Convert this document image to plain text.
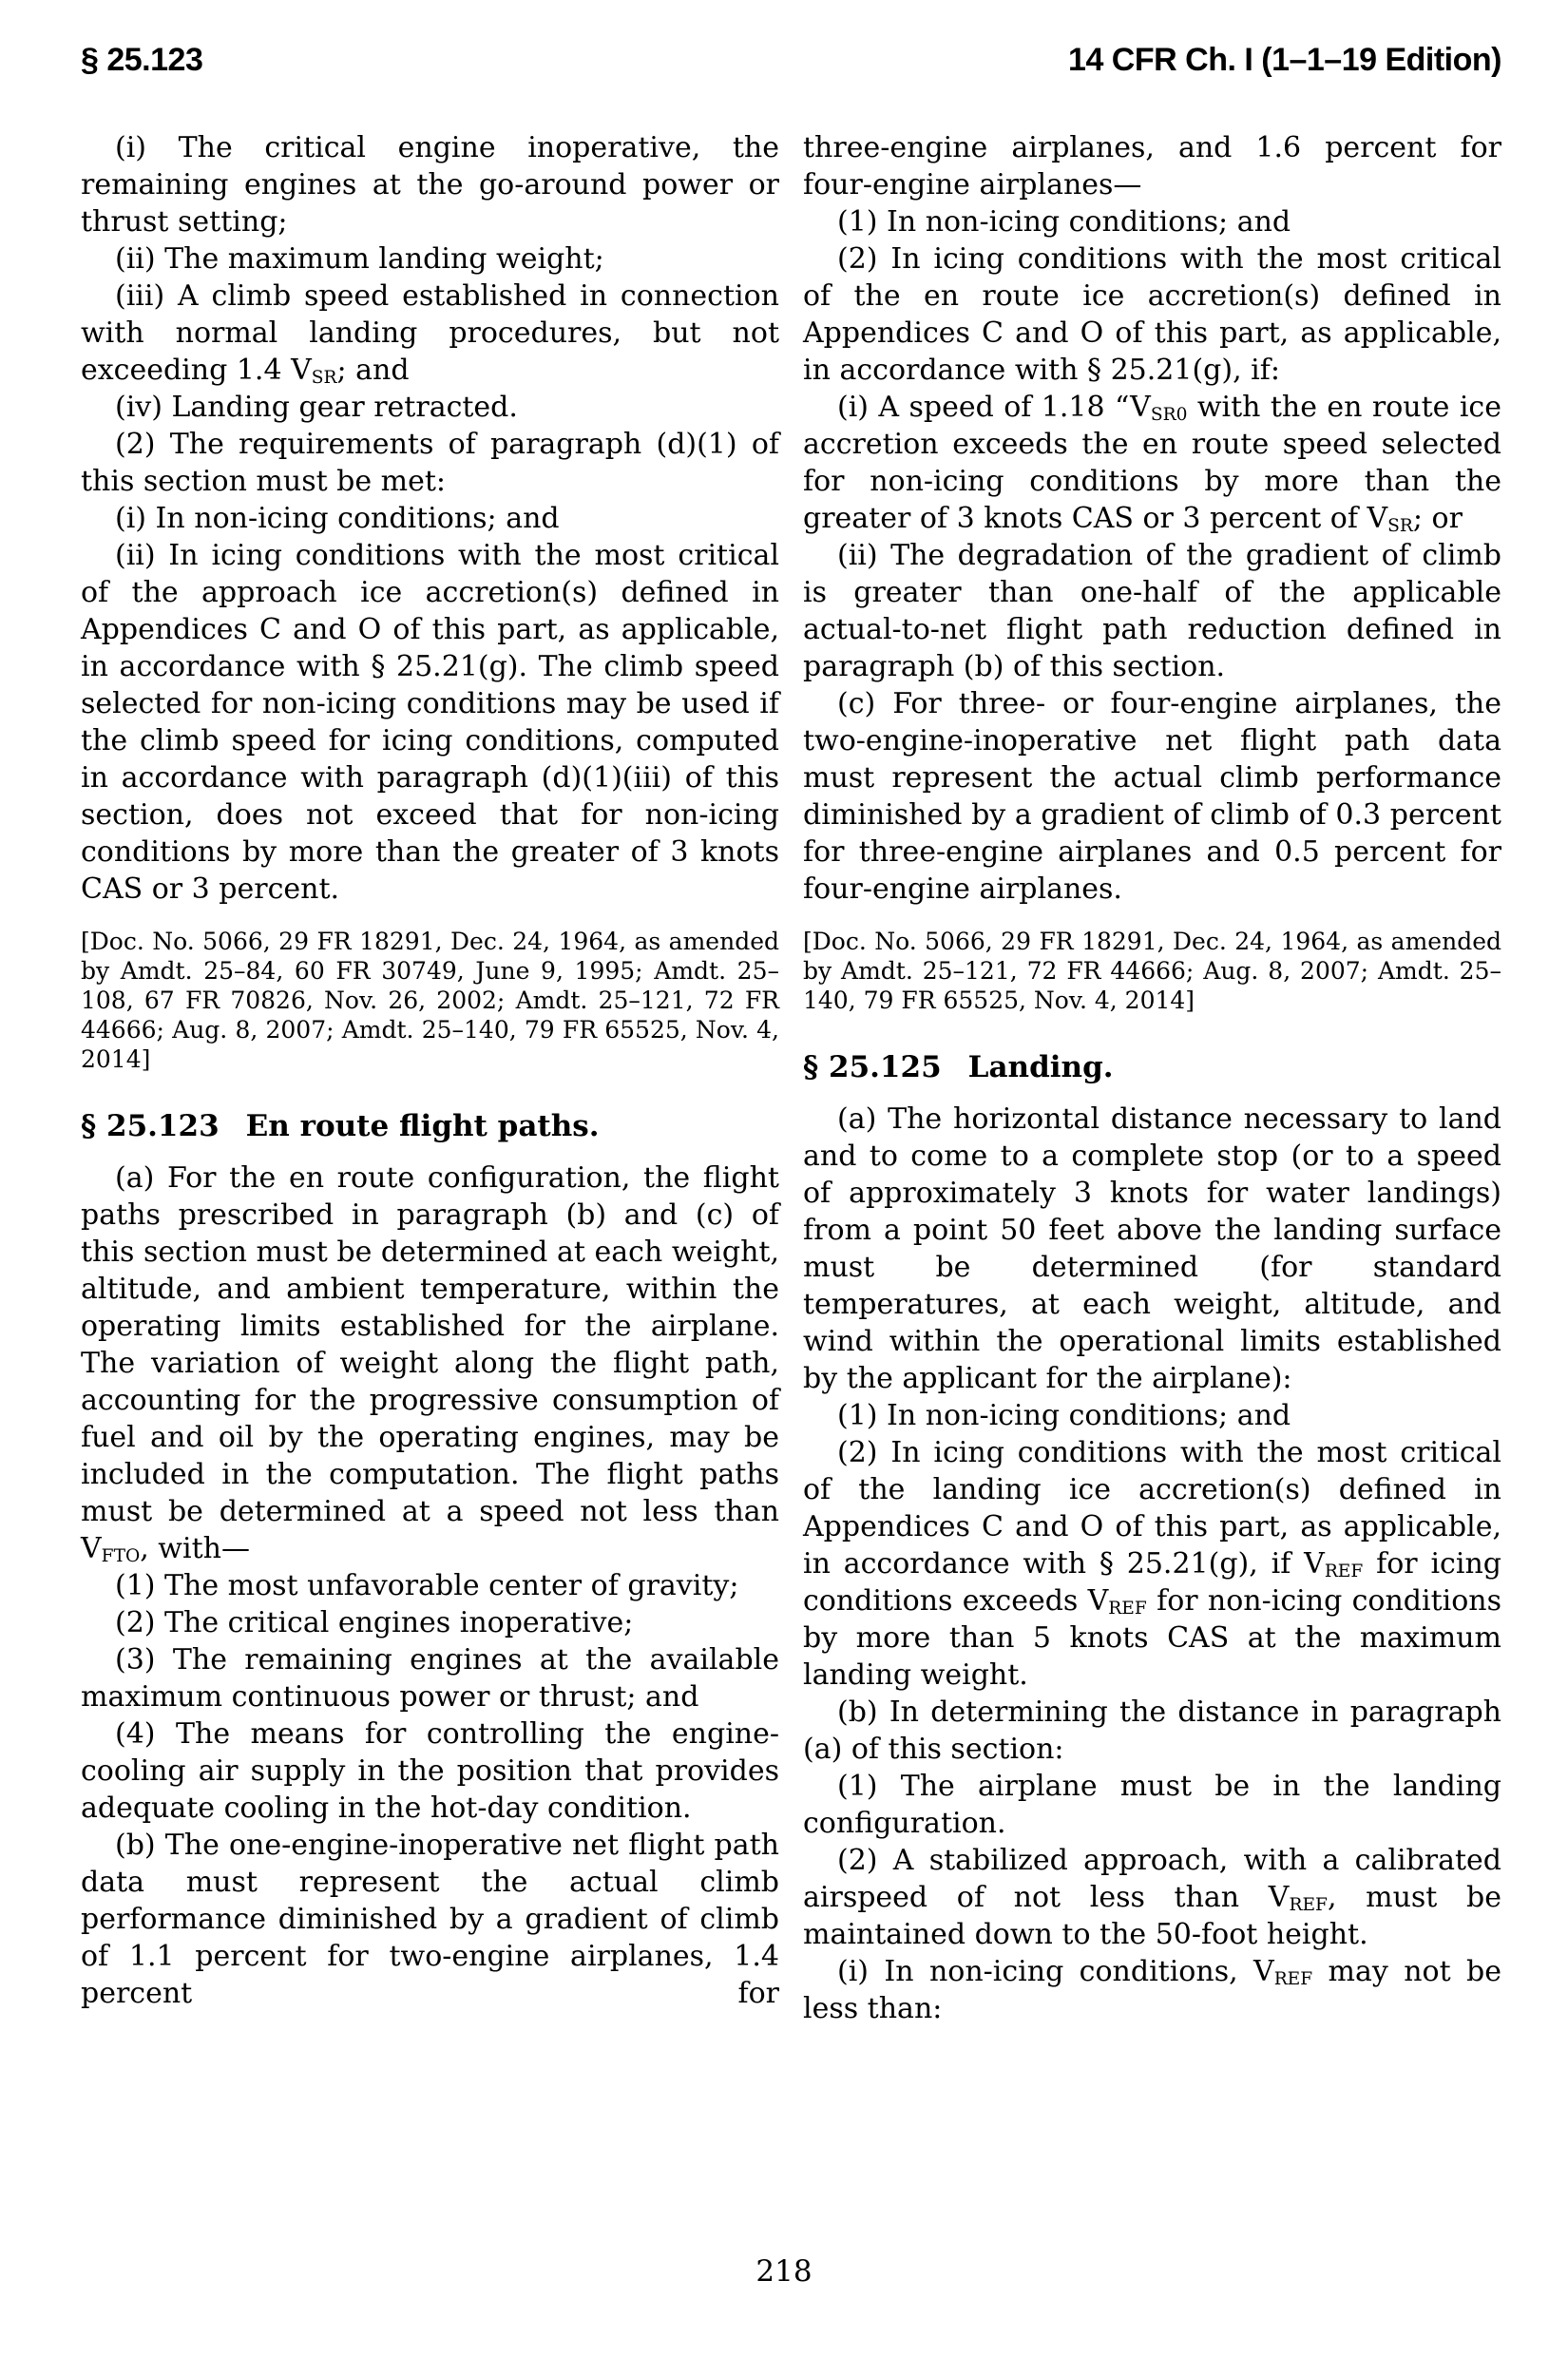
§ 25.123	14 CFR Ch. I (1–1–19 Edition)

(i) The critical engine inoperative, the remaining engines at the go-around power or thrust setting;

(ii) The maximum landing weight;

(iii) A climb speed established in connection with normal landing procedures, but not exceeding 1.4 $V_{SR}$; and

(iv) Landing gear retracted.

(2) The requirements of paragraph (d)(1) of this section must be met:

(i) In non-icing conditions; and

(ii) In icing conditions with the most critical of the approach ice accretion(s) defined in Appendices C and O of this part, as applicable, in accordance with § 25.21(g). The climb speed selected for non-icing conditions may be used if the climb speed for icing conditions, computed in accordance with paragraph (d)(1)(iii) of this section, does not exceed that for non-icing conditions by more than the greater of 3 knots CAS or 3 percent.

[Doc. No. 5066, 29 FR 18291, Dec. 24, 1964, as amended by Amdt. 25–84, 60 FR 30749, June 9, 1995; Amdt. 25–108, 67 FR 70826, Nov. 26, 2002; Amdt. 25–121, 72 FR 44666; Aug. 8, 2007; Amdt. 25–140, 79 FR 65525, Nov. 4, 2014]

§ 25.123 En route flight paths.

(a) For the en route configuration, the flight paths prescribed in paragraph (b) and (c) of this section must be determined at each weight, altitude, and ambient temperature, within the operating limits established for the airplane. The variation of weight along the flight path, accounting for the progressive consumption of fuel and oil by the operating engines, may be included in the computation. The flight paths must be determined at a speed not less than $V_{FTO}$, with—

(1) The most unfavorable center of gravity;

(2) The critical engines inoperative;

(3) The remaining engines at the available maximum continuous power or thrust; and

(4) The means for controlling the engine-cooling air supply in the position that provides adequate cooling in the hot-day condition.

(b) The one-engine-inoperative net flight path data must represent the actual climb performance diminished by a gradient of climb of 1.1 percent for two-engine airplanes, 1.4 percent for

three-engine airplanes, and 1.6 percent for four-engine airplanes—

(1) In non-icing conditions; and

(2) In icing conditions with the most critical of the en route ice accretion(s) defined in Appendices C and O of this part, as applicable, in accordance with § 25.21(g), if:

(i) A speed of 1.18 “$V_{SR0}$ with the en route ice accretion exceeds the en route speed selected for non-icing conditions by more than the greater of 3 knots CAS or 3 percent of $V_{SR}$; or

(ii) The degradation of the gradient of climb is greater than one-half of the applicable actual-to-net flight path reduction defined in paragraph (b) of this section.

(c) For three- or four-engine airplanes, the two-engine-inoperative net flight path data must represent the actual climb performance diminished by a gradient of climb of 0.3 percent for three-engine airplanes and 0.5 percent for four-engine airplanes.

[Doc. No. 5066, 29 FR 18291, Dec. 24, 1964, as amended by Amdt. 25–121, 72 FR 44666; Aug. 8, 2007; Amdt. 25–140, 79 FR 65525, Nov. 4, 2014]

§ 25.125 Landing.

(a) The horizontal distance necessary to land and to come to a complete stop (or to a speed of approximately 3 knots for water landings) from a point 50 feet above the landing surface must be determined (for standard temperatures, at each weight, altitude, and wind within the operational limits established by the applicant for the airplane):

(1) In non-icing conditions; and

(2) In icing conditions with the most critical of the landing ice accretion(s) defined in Appendices C and O of this part, as applicable, in accordance with § 25.21(g), if $V_{REF}$ for icing conditions exceeds $V_{REF}$ for non-icing conditions by more than 5 knots CAS at the maximum landing weight.

(b) In determining the distance in paragraph (a) of this section:

(1) The airplane must be in the landing configuration.

(2) A stabilized approach, with a calibrated airspeed of not less than $V_{REF}$, must be maintained down to the 50-foot height.

(i) In non-icing conditions, $V_{REF}$ may not be less than:

218
